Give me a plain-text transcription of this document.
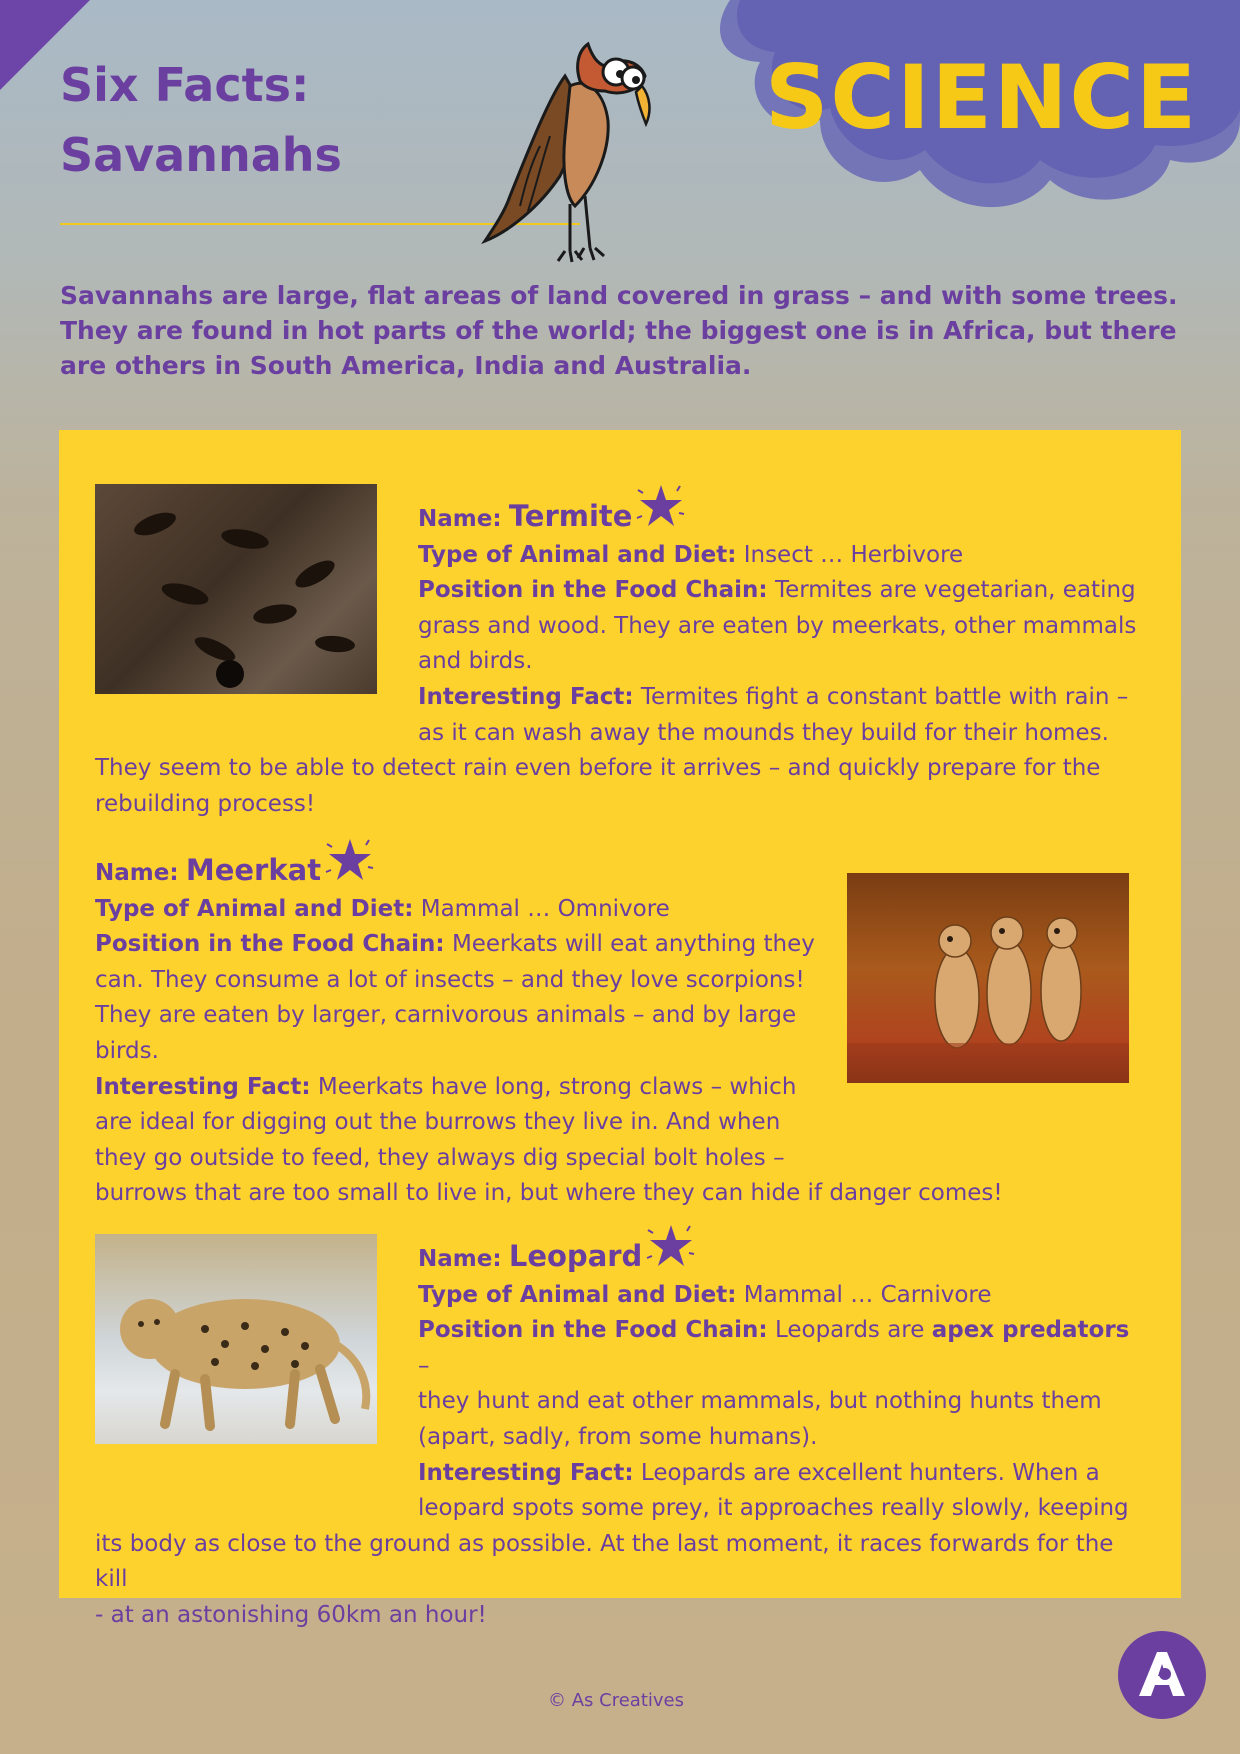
Six Facts:
Savannahs
SCIENCE

Savannahs are large, flat areas of land covered in grass – and with some trees. They are found in hot parts of the world; the biggest one is in Africa, but there are others in South America, India and Australia.

Name: Termite

Type of Animal and Diet: Insect … Herbivore

Position in the Food Chain: Termites are vegetarian, eating

grass and wood. They are eaten by meerkats, other mammals

and birds.

Interesting Fact: Termites fight a constant battle with rain –

as it can wash away the mounds they build for their homes.

They seem to be able to detect rain even before it arrives – and quickly prepare for the

rebuilding process!

Name: Meerkat

Type of Animal and Diet: Mammal … Omnivore

Position in the Food Chain: Meerkats will eat anything they

can. They consume a lot of insects – and they love scorpions!

They are eaten by larger, carnivorous animals – and by large

birds.

Interesting Fact: Meerkats have long, strong claws – which

are ideal for digging out the burrows they live in. And when

they go outside to feed, they always dig special bolt holes –

burrows that are too small to live in, but where they can hide if danger comes!

Name: Leopard

Type of Animal and Diet: Mammal … Carnivore

Position in the Food Chain: Leopards are apex predators –

they hunt and eat other mammals, but nothing hunts them

(apart, sadly, from some humans).

Interesting Fact: Leopards are excellent hunters. When a

leopard spots some prey, it approaches really slowly, keeping

its body as close to the ground as possible. At the last moment, it races forwards for the kill

- at an astonishing 60km an hour!

© As Creatives
